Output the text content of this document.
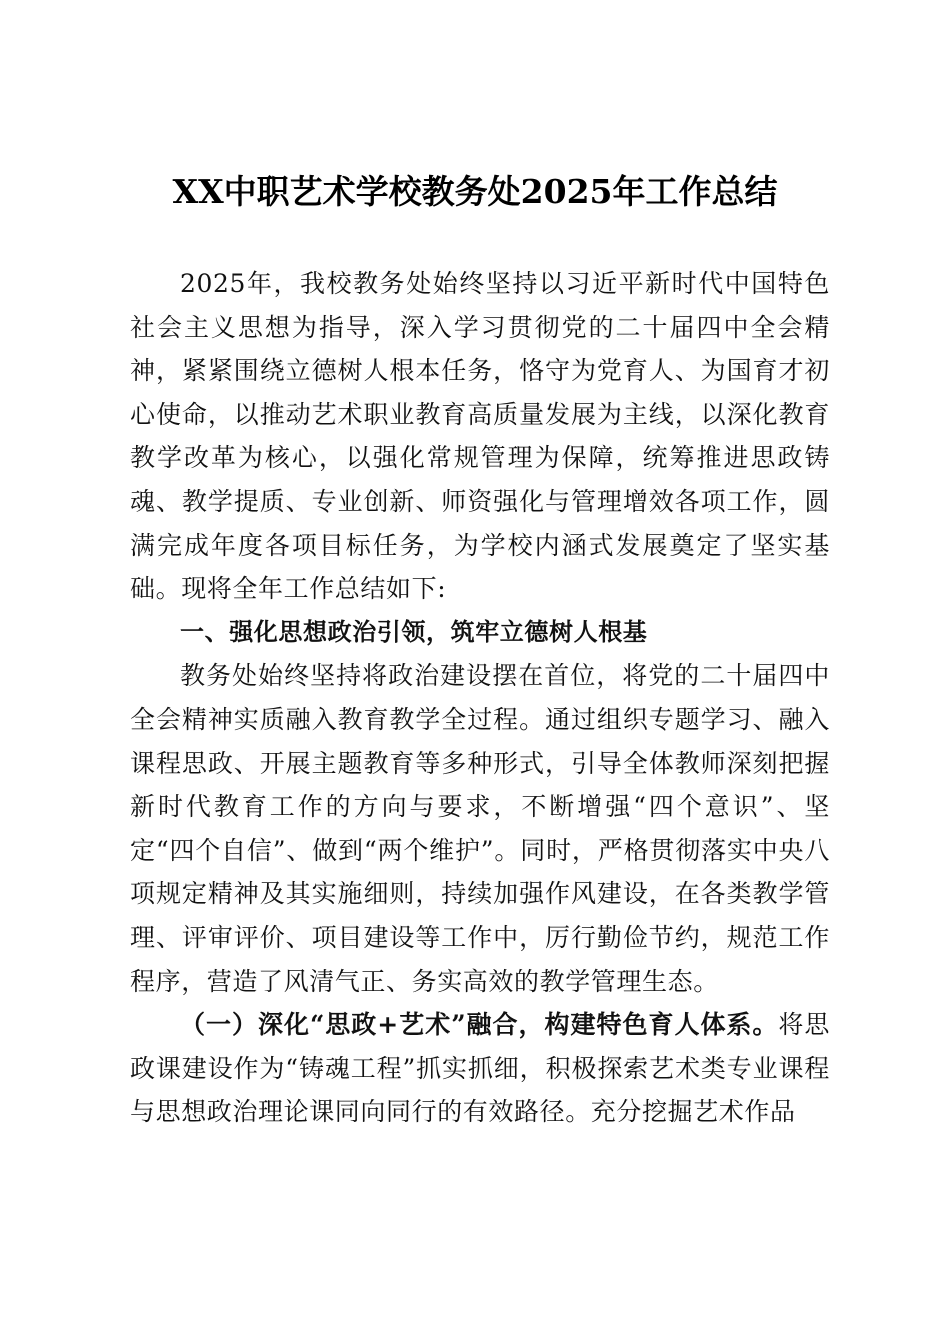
XX中职艺术学校教务处2025年工作总结

2025年，我校教务处始终坚持以习近平新时代中国特色社会主义思想为指导，深入学习贯彻党的二十届四中全会精神，紧紧围绕立德树人根本任务，恪守为党育人、为国育才初心使命，以推动艺术职业教育高质量发展为主线，以深化教育教学改革为核心，以强化常规管理为保障，统筹推进思政铸魂、教学提质、专业创新、师资强化与管理增效各项工作，圆满完成年度各项目标任务，为学校内涵式发展奠定了坚实基础。现将全年工作总结如下:

一、强化思想政治引领，筑牢立德树人根基

教务处始终坚持将政治建设摆在首位，将党的二十届四中全会精神实质融入教育教学全过程。通过组织专题学习、融入课程思政、开展主题教育等多种形式，引导全体教师深刻把握新时代教育工作的方向与要求，不断增强“四个意识”、坚定“四个自信”、做到“两个维护”。同时，严格贯彻落实中央八项规定精神及其实施细则，持续加强作风建设，在各类教学管理、评审评价、项目建设等工作中，厉行勤俭节约，规范工作程序，营造了风清气正、务实高效的教学管理生态。

（一）深化“思政+艺术”融合，构建特色育人体系。将思政课建设作为“铸魂工程”抓实抓细，积极探索艺术类专业课程与思想政治理论课同向同行的有效路径。充分挖掘艺术作品
